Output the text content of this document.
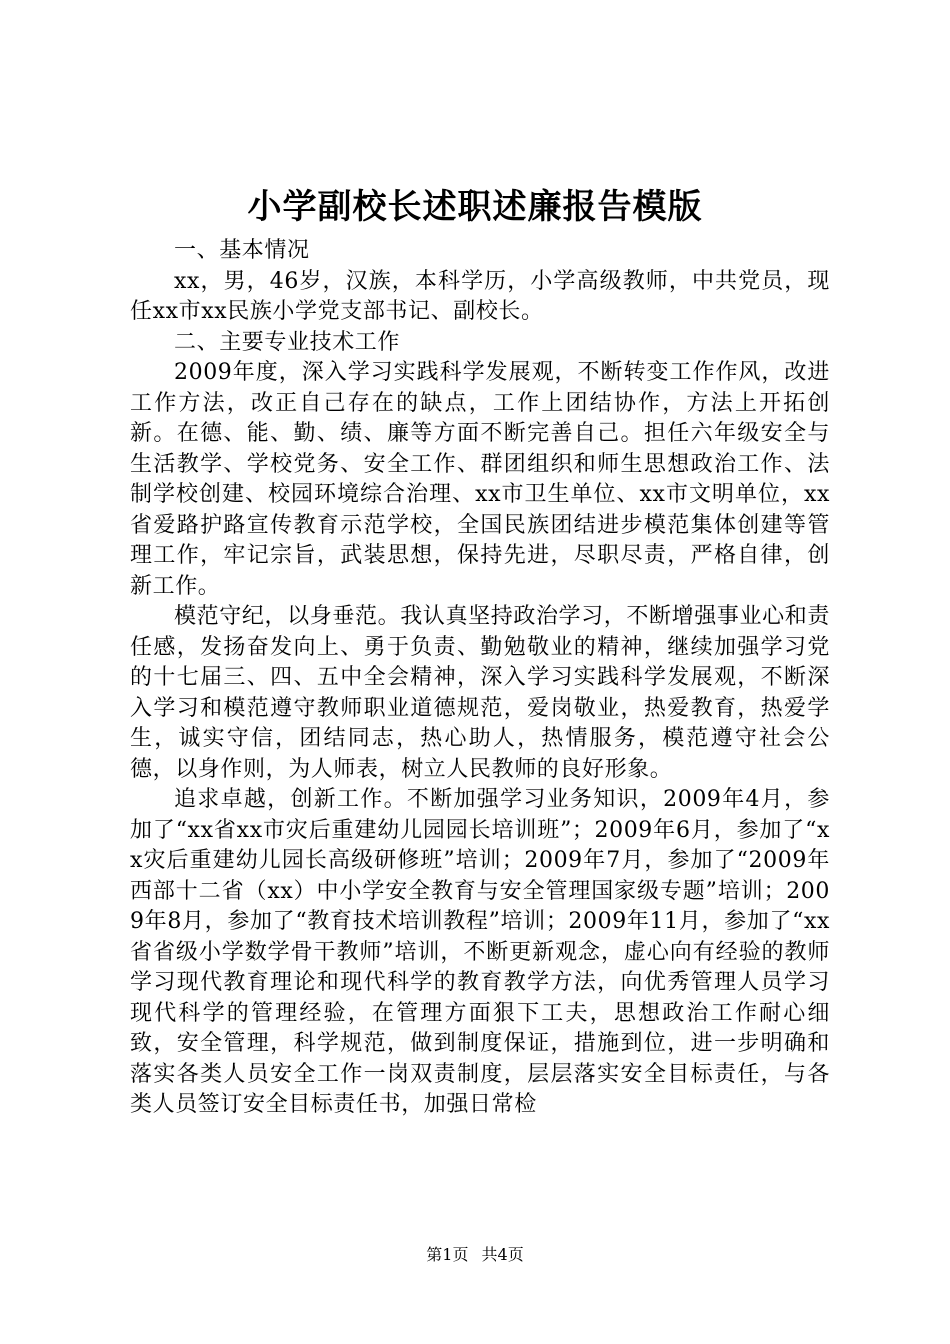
小学副校长述职述廉报告模版

一、基本情况

xx，男，46岁，汉族，本科学历，小学高级教师，中共党员，现任xx市xx民族小学党支部书记、副校长。

二、主要专业技术工作

2009年度，深入学习实践科学发展观，不断转变工作作风，改进工作方法，改正自己存在的缺点，工作上团结协作，方法上开拓创新。在德、能、勤、绩、廉等方面不断完善自己。担任六年级安全与生活教学、学校党务、安全工作、群团组织和师生思想政治工作、法制学校创建、校园环境综合治理、xx市卫生单位、xx市文明单位，xx省爱路护路宣传教育示范学校，全国民族团结进步模范集体创建等管理工作，牢记宗旨，武装思想，保持先进，尽职尽责，严格自律，创新工作。

模范守纪，以身垂范。我认真坚持政治学习，不断增强事业心和责任感，发扬奋发向上、勇于负责、勤勉敬业的精神，继续加强学习党的十七届三、四、五中全会精神，深入学习实践科学发展观，不断深入学习和模范遵守教师职业道德规范，爱岗敬业，热爱教育，热爱学生，诚实守信，团结同志，热心助人，热情服务，模范遵守社会公德，以身作则，为人师表，树立人民教师的良好形象。

追求卓越，创新工作。不断加强学习业务知识，2009年4月，参加了“xx省xx市灾后重建幼儿园园长培训班”；2009年6月，参加了“xx灾后重建幼儿园长高级研修班”培训；2009年7月，参加了“2009年西部十二省（xx）中小学安全教育与安全管理国家级专题”培训；2009年8月，参加了“教育技术培训教程”培训；2009年11月，参加了“xx省省级小学数学骨干教师”培训，不断更新观念，虚心向有经验的教师学习现代教育理论和现代科学的教育教学方法，向优秀管理人员学习现代科学的管理经验，在管理方面狠下工夫，思想政治工作耐心细致，安全管理，科学规范，做到制度保证，措施到位，进一步明确和落实各类人员安全工作一岗双责制度，层层落实安全目标责任，与各类人员签订安全目标责任书，加强日常检

第1页 共4页
